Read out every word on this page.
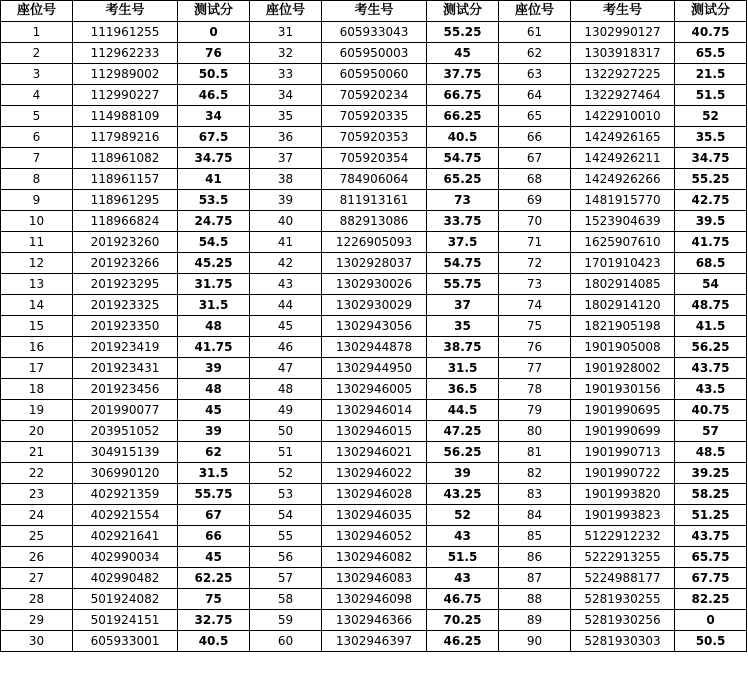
座位号	考生号	测试分	座位号	考生号	测试分	座位号	考生号	测试分
1	111961255	0	31	605933043	55.25	61	1302990127	40.75
2	112962233	76	32	605950003	45	62	1303918317	65.5
3	112989002	50.5	33	605950060	37.75	63	1322927225	21.5
4	112990227	46.5	34	705920234	66.75	64	1322927464	51.5
5	114988109	34	35	705920335	66.25	65	1422910010	52
6	117989216	67.5	36	705920353	40.5	66	1424926165	35.5
7	118961082	34.75	37	705920354	54.75	67	1424926211	34.75
8	118961157	41	38	784906064	65.25	68	1424926266	55.25
9	118961295	53.5	39	811913161	73	69	1481915770	42.75
10	118966824	24.75	40	882913086	33.75	70	1523904639	39.5
11	201923260	54.5	41	1226905093	37.5	71	1625907610	41.75
12	201923266	45.25	42	1302928037	54.75	72	1701910423	68.5
13	201923295	31.75	43	1302930026	55.75	73	1802914085	54
14	201923325	31.5	44	1302930029	37	74	1802914120	48.75
15	201923350	48	45	1302943056	35	75	1821905198	41.5
16	201923419	41.75	46	1302944878	38.75	76	1901905008	56.25
17	201923431	39	47	1302944950	31.5	77	1901928002	43.75
18	201923456	48	48	1302946005	36.5	78	1901930156	43.5
19	201990077	45	49	1302946014	44.5	79	1901990695	40.75
20	203951052	39	50	1302946015	47.25	80	1901990699	57
21	304915139	62	51	1302946021	56.25	81	1901990713	48.5
22	306990120	31.5	52	1302946022	39	82	1901990722	39.25
23	402921359	55.75	53	1302946028	43.25	83	1901993820	58.25
24	402921554	67	54	1302946035	52	84	1901993823	51.25
25	402921641	66	55	1302946052	43	85	5122912232	43.75
26	402990034	45	56	1302946082	51.5	86	5222913255	65.75
27	402990482	62.25	57	1302946083	43	87	5224988177	67.75
28	501924082	75	58	1302946098	46.75	88	5281930255	82.25
29	501924151	32.75	59	1302946366	70.25	89	5281930256	0
30	605933001	40.5	60	1302946397	46.25	90	5281930303	50.5
